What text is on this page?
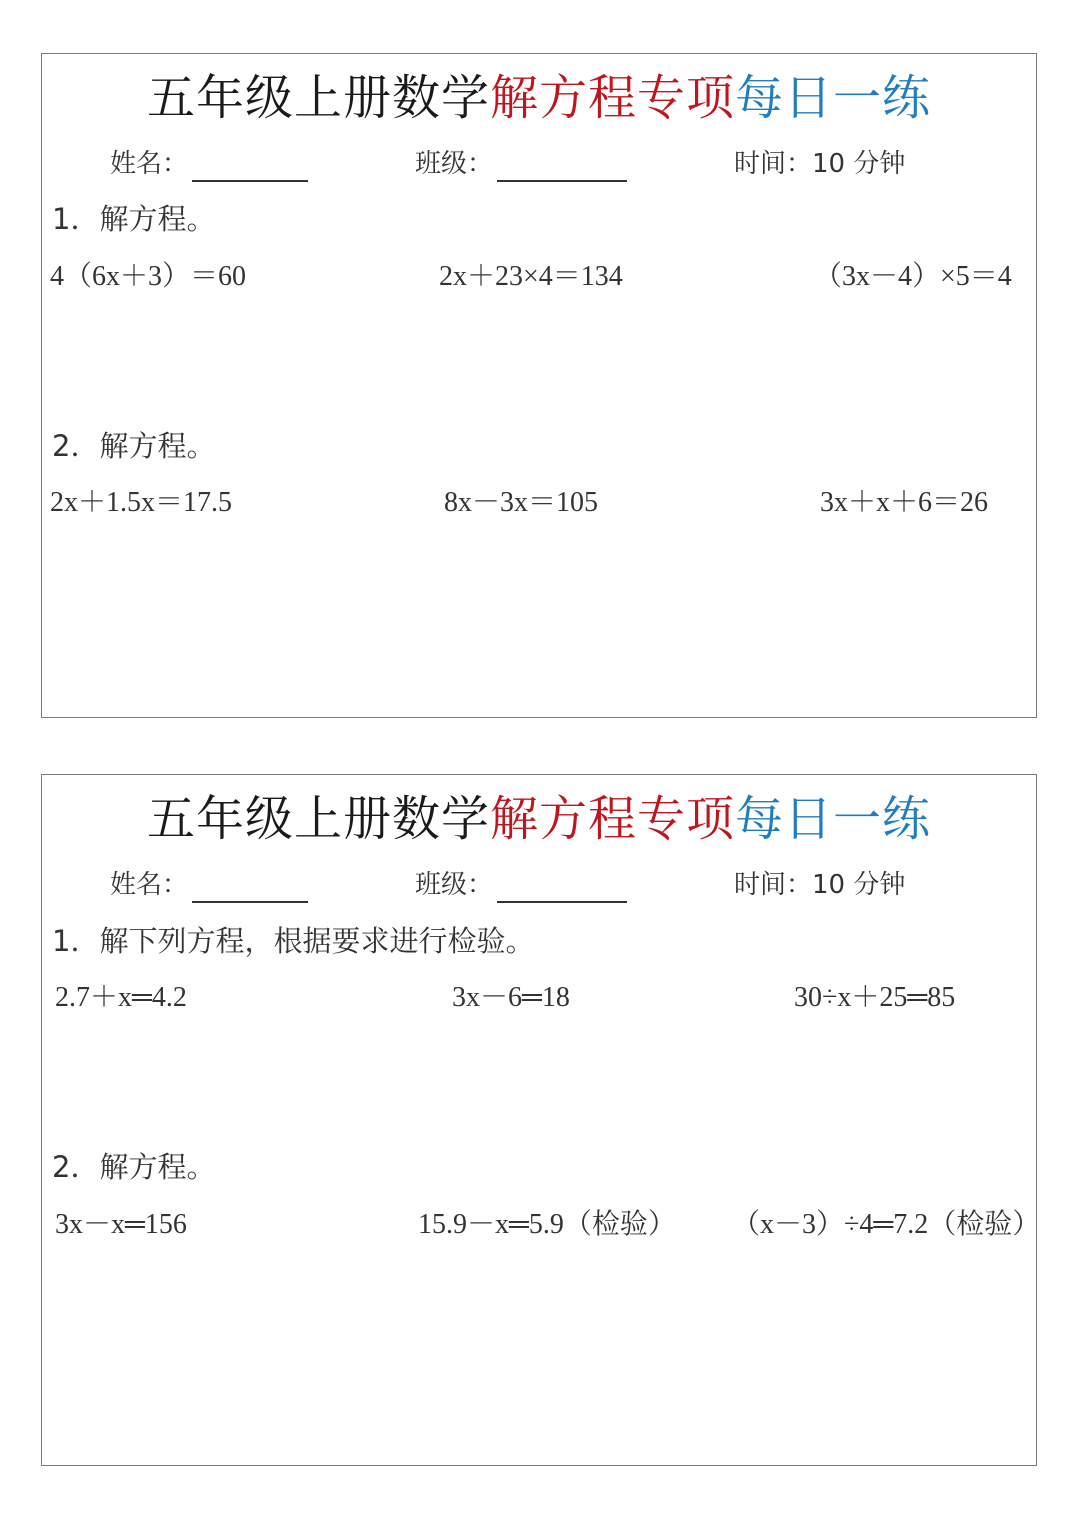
五年级上册数学解方程专项每日一练
姓名：	班级：	时间：10 分钟
1．解方程。
4（6x＋3）＝60	2x＋23×4＝134	（3x－4）×5＝4
2．解方程。
2x＋1.5x＝17.5	8x－3x＝105	3x＋x＋6＝26
五年级上册数学解方程专项每日一练
姓名：	班级：	时间：10 分钟
1．解下列方程，根据要求进行检验。
2.7＋x═4.2	3x－6═18	30÷x＋25═85
2．解方程。
3x－x═156	15.9－x═5.9（检验） （x－3）÷4═7.2（检验）
